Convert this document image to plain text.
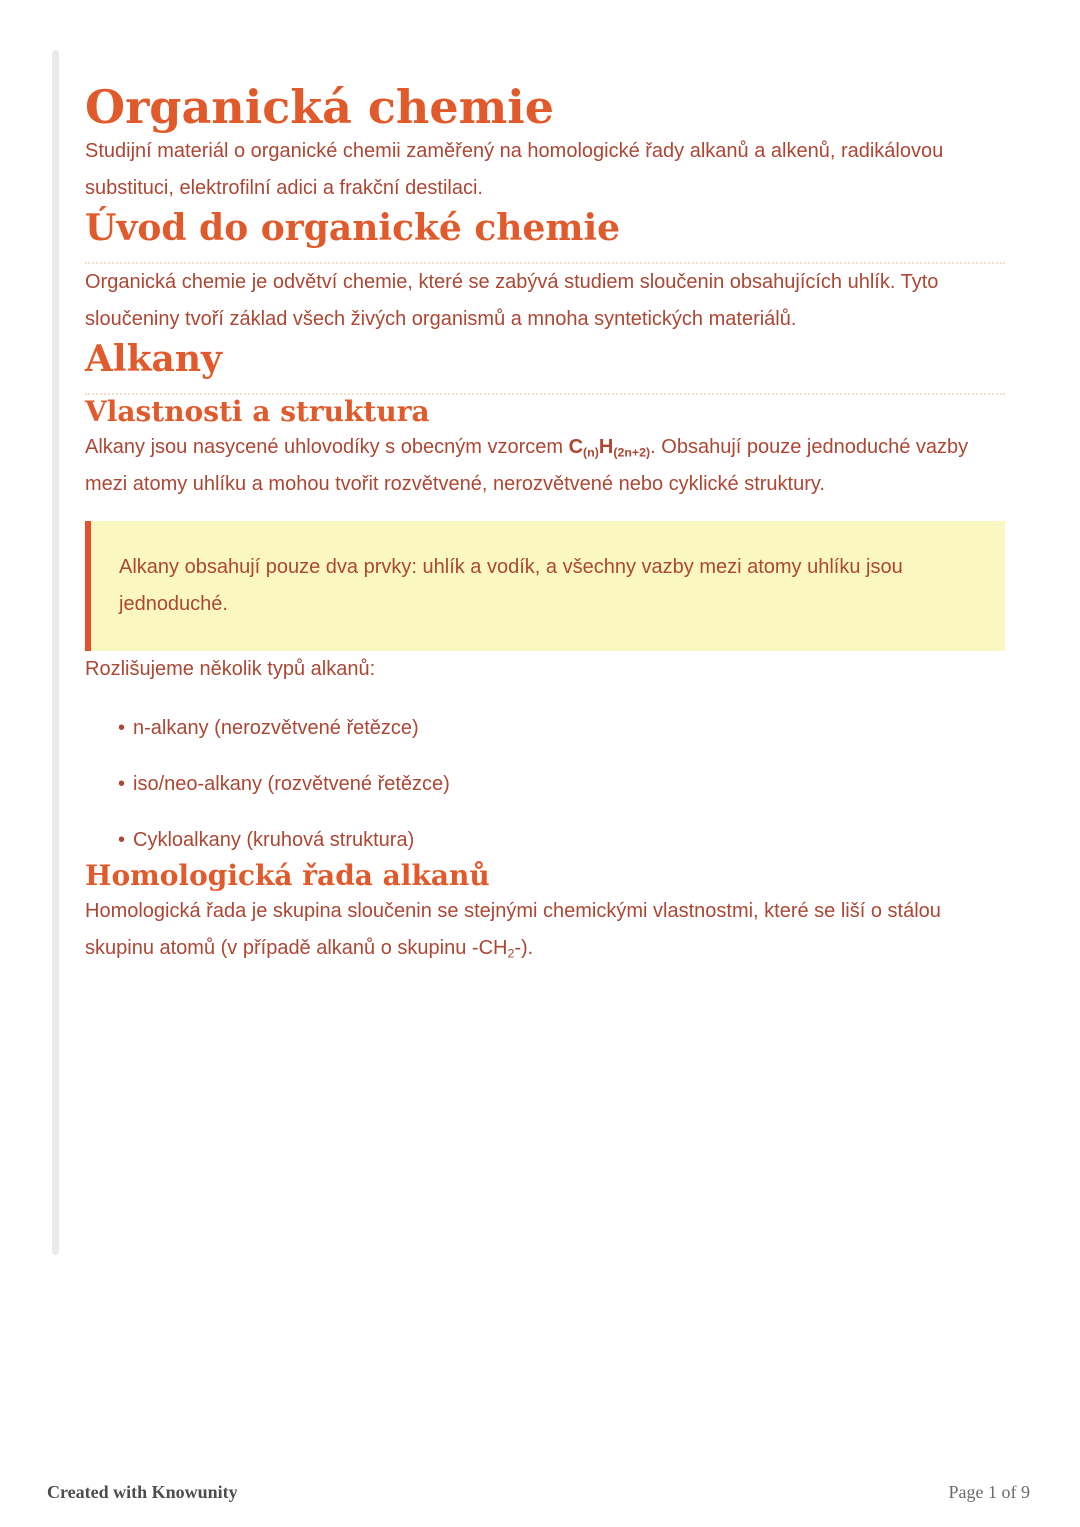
Organická chemie

Studijní materiál o organické chemii zaměřený na homologické řady alkanů a alkenů, radikálovou substituci, elektrofilní adici a frakční destilaci.

Úvod do organické chemie

Organická chemie je odvětví chemie, které se zabývá studiem sloučenin obsahujících uhlík. Tyto sloučeniny tvoří základ všech živých organismů a mnoha syntetických materiálů.

Alkany
Vlastnosti a struktura

Alkany jsou nasycené uhlovodíky s obecným vzorcem $C_{(n)}H_{(2n+2)}$. Obsahují pouze jednoduché vazby mezi atomy uhlíku a mohou tvořit rozvětvené, nerozvětvené nebo cyklické struktury.

Alkany obsahují pouze dva prvky: uhlík a vodík, a všechny vazby mezi atomy uhlíku jsou jednoduché.

Rozlišujeme několik typů alkanů:

• n-alkany (nerozvětvené řetězce)
• iso/neo-alkany (rozvětvené řetězce)
• Cykloalkany (kruhová struktura)
Homologická řada alkanů

Homologická řada je skupina sloučenin se stejnými chemickými vlastnostmi, které se liší o stálou skupinu atomů (v případě alkanů o skupinu $-CH_2-$).

Created with Knowunity	Page 1 of 9
